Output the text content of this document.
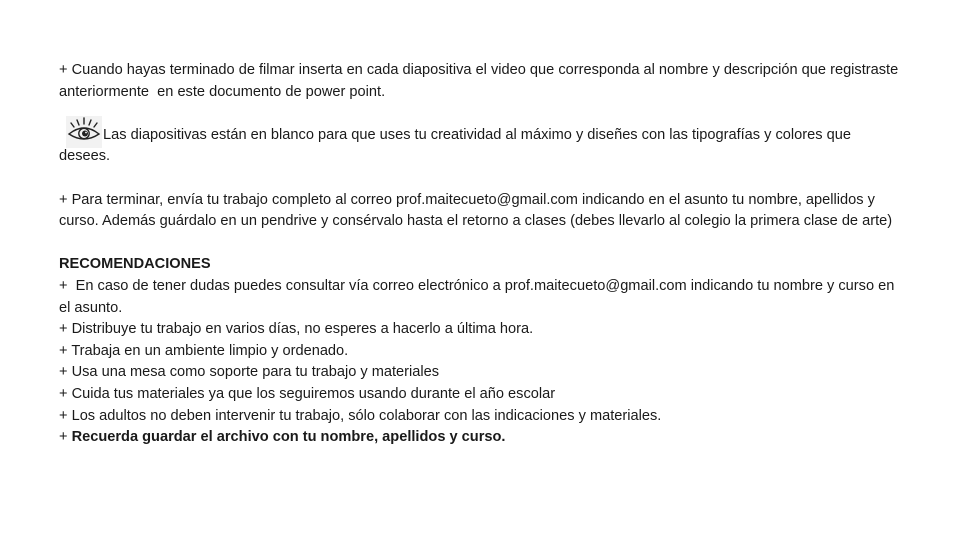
+ Cuando hayas terminado de filmar inserta en cada diapositiva el video que corresponda al nombre y descripción que registraste anteriormente  en este documento de power point.

Las diapositivas están en blanco para que uses tu creatividad al máximo y diseñes con las tipografías y colores que desees.

+ Para terminar, envía tu trabajo completo al correo prof.maitecueto@gmail.com indicando en el asunto tu nombre, apellidos y curso. Además guárdalo en un pendrive y consérvalo hasta el retorno a clases (debes llevarlo al colegio la primera clase de arte)

RECOMENDACIONES

+  En caso de tener dudas puedes consultar vía correo electrónico a prof.maitecueto@gmail.com indicando tu nombre y curso en el asunto.

+ Distribuye tu trabajo en varios días, no esperes a hacerlo a última hora.

+ Trabaja en un ambiente limpio y ordenado.

+ Usa una mesa como soporte para tu trabajo y materiales

+ Cuida tus materiales ya que los seguiremos usando durante el año escolar

+ Los adultos no deben intervenir tu trabajo, sólo colaborar con las indicaciones y materiales.

+ Recuerda guardar el archivo con tu nombre, apellidos y curso.
